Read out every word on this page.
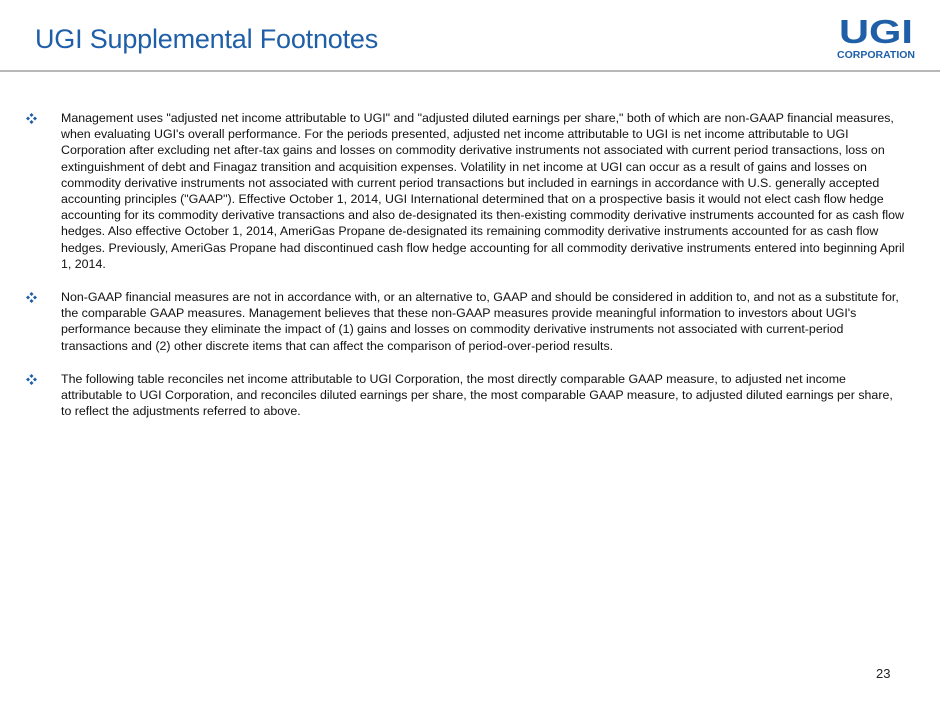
UGI Supplemental Footnotes	UGI
CORPORATION
Management uses "adjusted net income attributable to UGI" and "adjusted diluted earnings per share," both of which are non-GAAP financial measures, when evaluating UGI's overall performance. For the periods presented, adjusted net income attributable to UGI is net income attributable to UGI Corporation after excluding net after-tax gains and losses on commodity derivative instruments not associated with current period transactions, loss on extinguishment of debt and Finagaz transition and acquisition expenses. Volatility in net income at UGI can occur as a result of gains and losses on commodity derivative instruments not associated with current period transactions but included in earnings in accordance with U.S. generally accepted accounting principles ("GAAP"). Effective October 1, 2014, UGI International determined that on a prospective basis it would not elect cash flow hedge accounting for its commodity derivative transactions and also de-designated its then-existing commodity derivative instruments accounted for as cash flow hedges. Also effective October 1, 2014, AmeriGas Propane de-designated its remaining commodity derivative instruments accounted for as cash flow hedges. Previously, AmeriGas Propane had discontinued cash flow hedge accounting for all commodity derivative instruments entered into beginning April 1, 2014.
Non-GAAP financial measures are not in accordance with, or an alternative to, GAAP and should be considered in addition to, and not as a substitute for, the comparable GAAP measures. Management believes that these non-GAAP measures provide meaningful information to investors about UGI's performance because they eliminate the impact of (1) gains and losses on commodity derivative instruments not associated with current-period transactions and (2) other discrete items that can affect the comparison of period-over-period results.
The following table reconciles net income attributable to UGI Corporation, the most directly comparable GAAP measure, to adjusted net income attributable to UGI Corporation, and reconciles diluted earnings per share, the most comparable GAAP measure, to adjusted diluted earnings per share, to reflect the adjustments referred to above.
23
